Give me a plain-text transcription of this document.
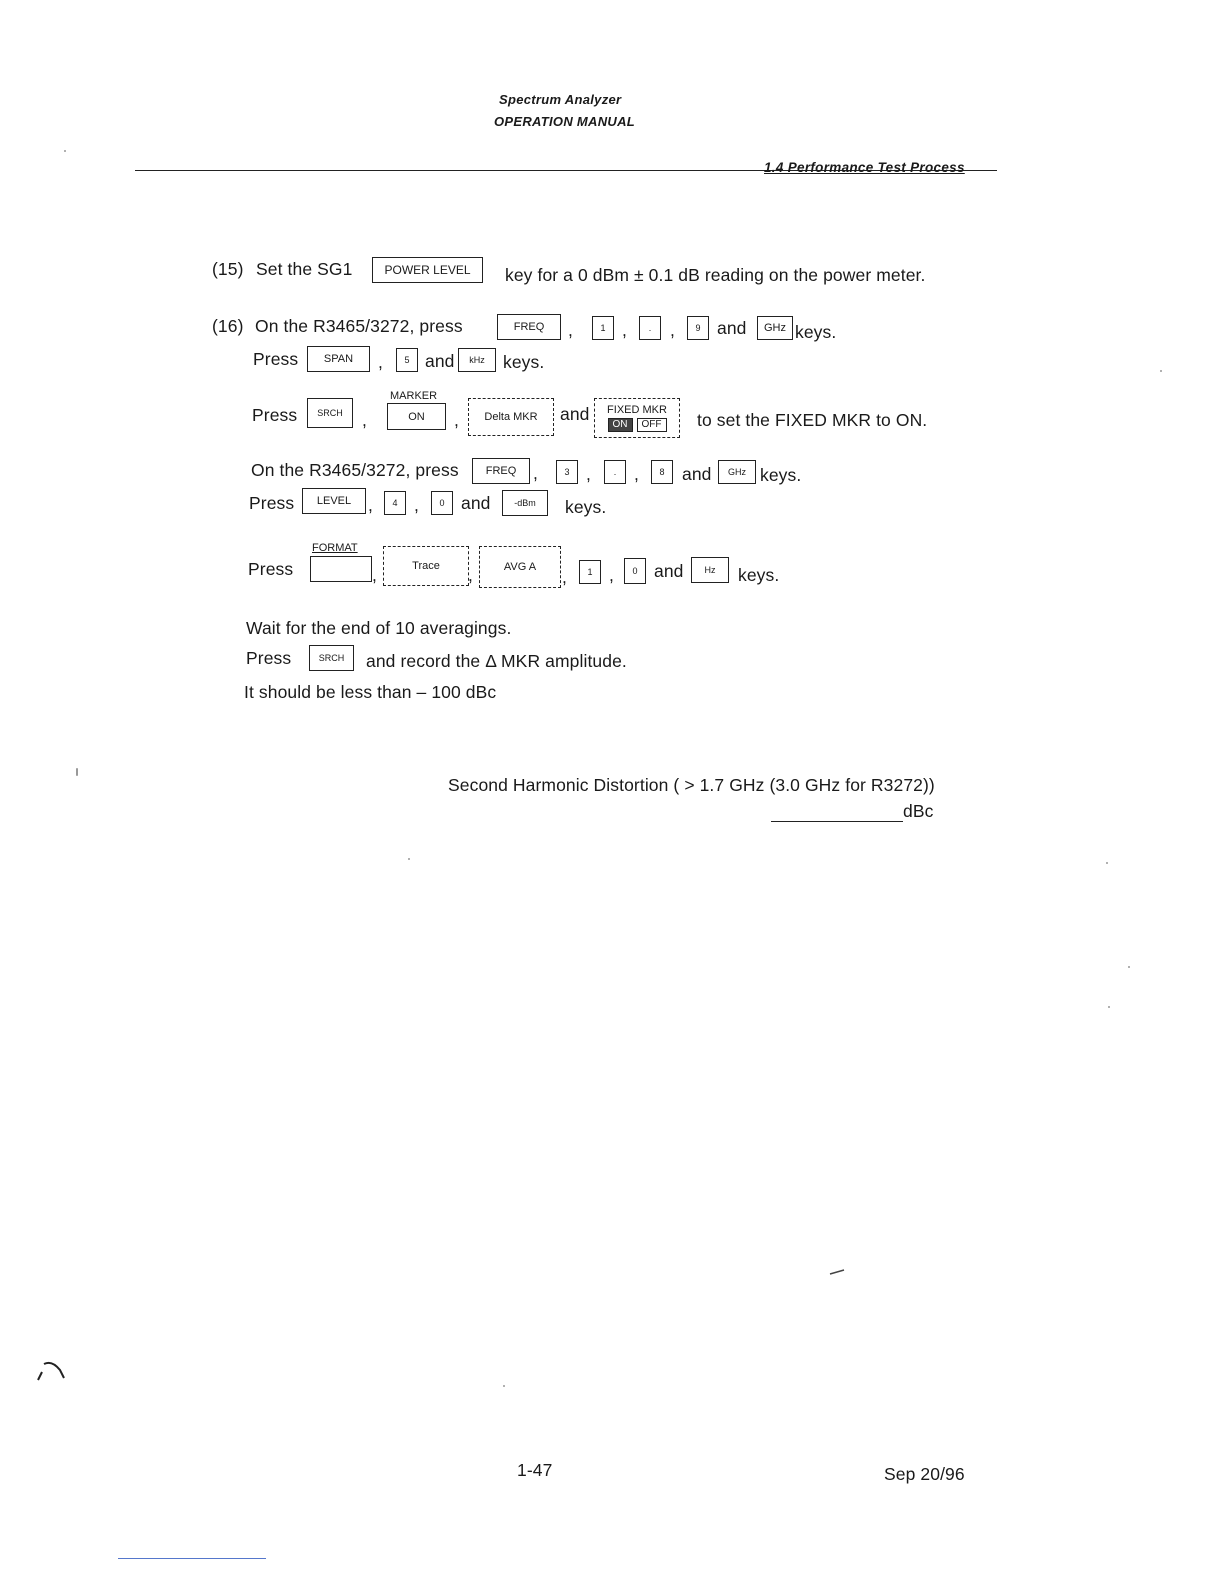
Spectrum Analyzer
OPERATION MANUAL
1.4 Performance Test Process
(15) Set the SG1	POWER LEVEL	key for a 0 dBm ± 0.1 dB reading on the power meter.
(16) On the R3465/3272, press	FREQ	,	1 ,	.	,	9 and	GHz keys.
Press	SPAN	,	5 and	kHz	keys.
Press	SRCH	,
MARKER
ON	,	Delta MKR	and FIXED MKR
ON	OFF to set the FIXED MKR to ON.
On the R3465/3272, press	FREQ ,	3 ,	.	,	8	and	GHz keys.
Press	LEVEL ,	4 ,	0 and	-dBm	keys.
FORMAT
Press	,	Trace	,	AVG A	,	1 ,	0 and	Hz	keys.
Wait for the end of 10 averagings.
Press	SRCH	and record the Δ MKR amplitude.
It should be less than – 100 dBc
Second Harmonic Distortion ( > 1.7 GHz (3.0 GHz for R3272))
dBc
1-47	Sep 20/96
